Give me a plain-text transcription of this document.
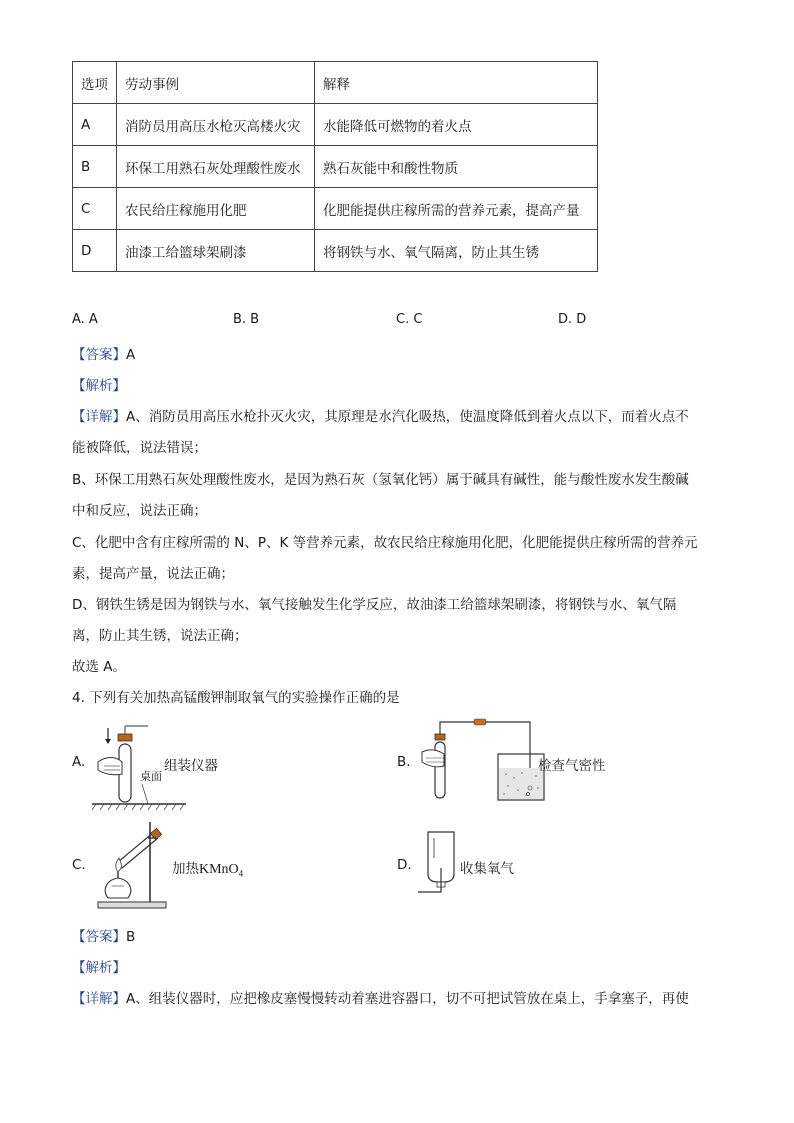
选项	劳动事例	解释
A	消防员用高压水枪灭高楼火灾	水能降低可燃物的着火点
B	环保工用熟石灰处理酸性废水	熟石灰能中和酸性物质
C	农民给庄稼施用化肥	化肥能提供庄稼所需的营养元素，提高产量
D	油漆工给篮球架刷漆	将钢铁与水、氧气隔离，防止其生锈
A. A	B. B	C. C	D. D
【答案】A
【解析】
【详解】A、消防员用高压水枪扑灭火灾，其原理是水汽化吸热，使温度降低到着火点以下，而着火点不
能被降低，说法错误；
B、环保工用熟石灰处理酸性废水，是因为熟石灰（氢氧化钙）属于碱具有碱性，能与酸性废水发生酸碱
中和反应，说法正确；
C、化肥中含有庄稼所需的 N、P、K 等营养元素，故农民给庄稼施用化肥，化肥能提供庄稼所需的营养元
素，提高产量，说法正确；
D、钢铁生锈是因为钢铁与水、氧气接触发生化学反应，故油漆工给篮球架刷漆，将钢铁与水、氧气隔
离，防止其生锈，说法正确；
故选 A。
4. 下列有关加热高锰酸钾制取氧气的实验操作正确的是
A.
桌面
组装仪器	B.	检查气密性
C.	加热KMnO$_4$
D.	收集氧气
【答案】B
【解析】
【详解】A、组装仪器时，应把橡皮塞慢慢转动着塞进容器口，切不可把试管放在桌上，手拿塞子，再使
